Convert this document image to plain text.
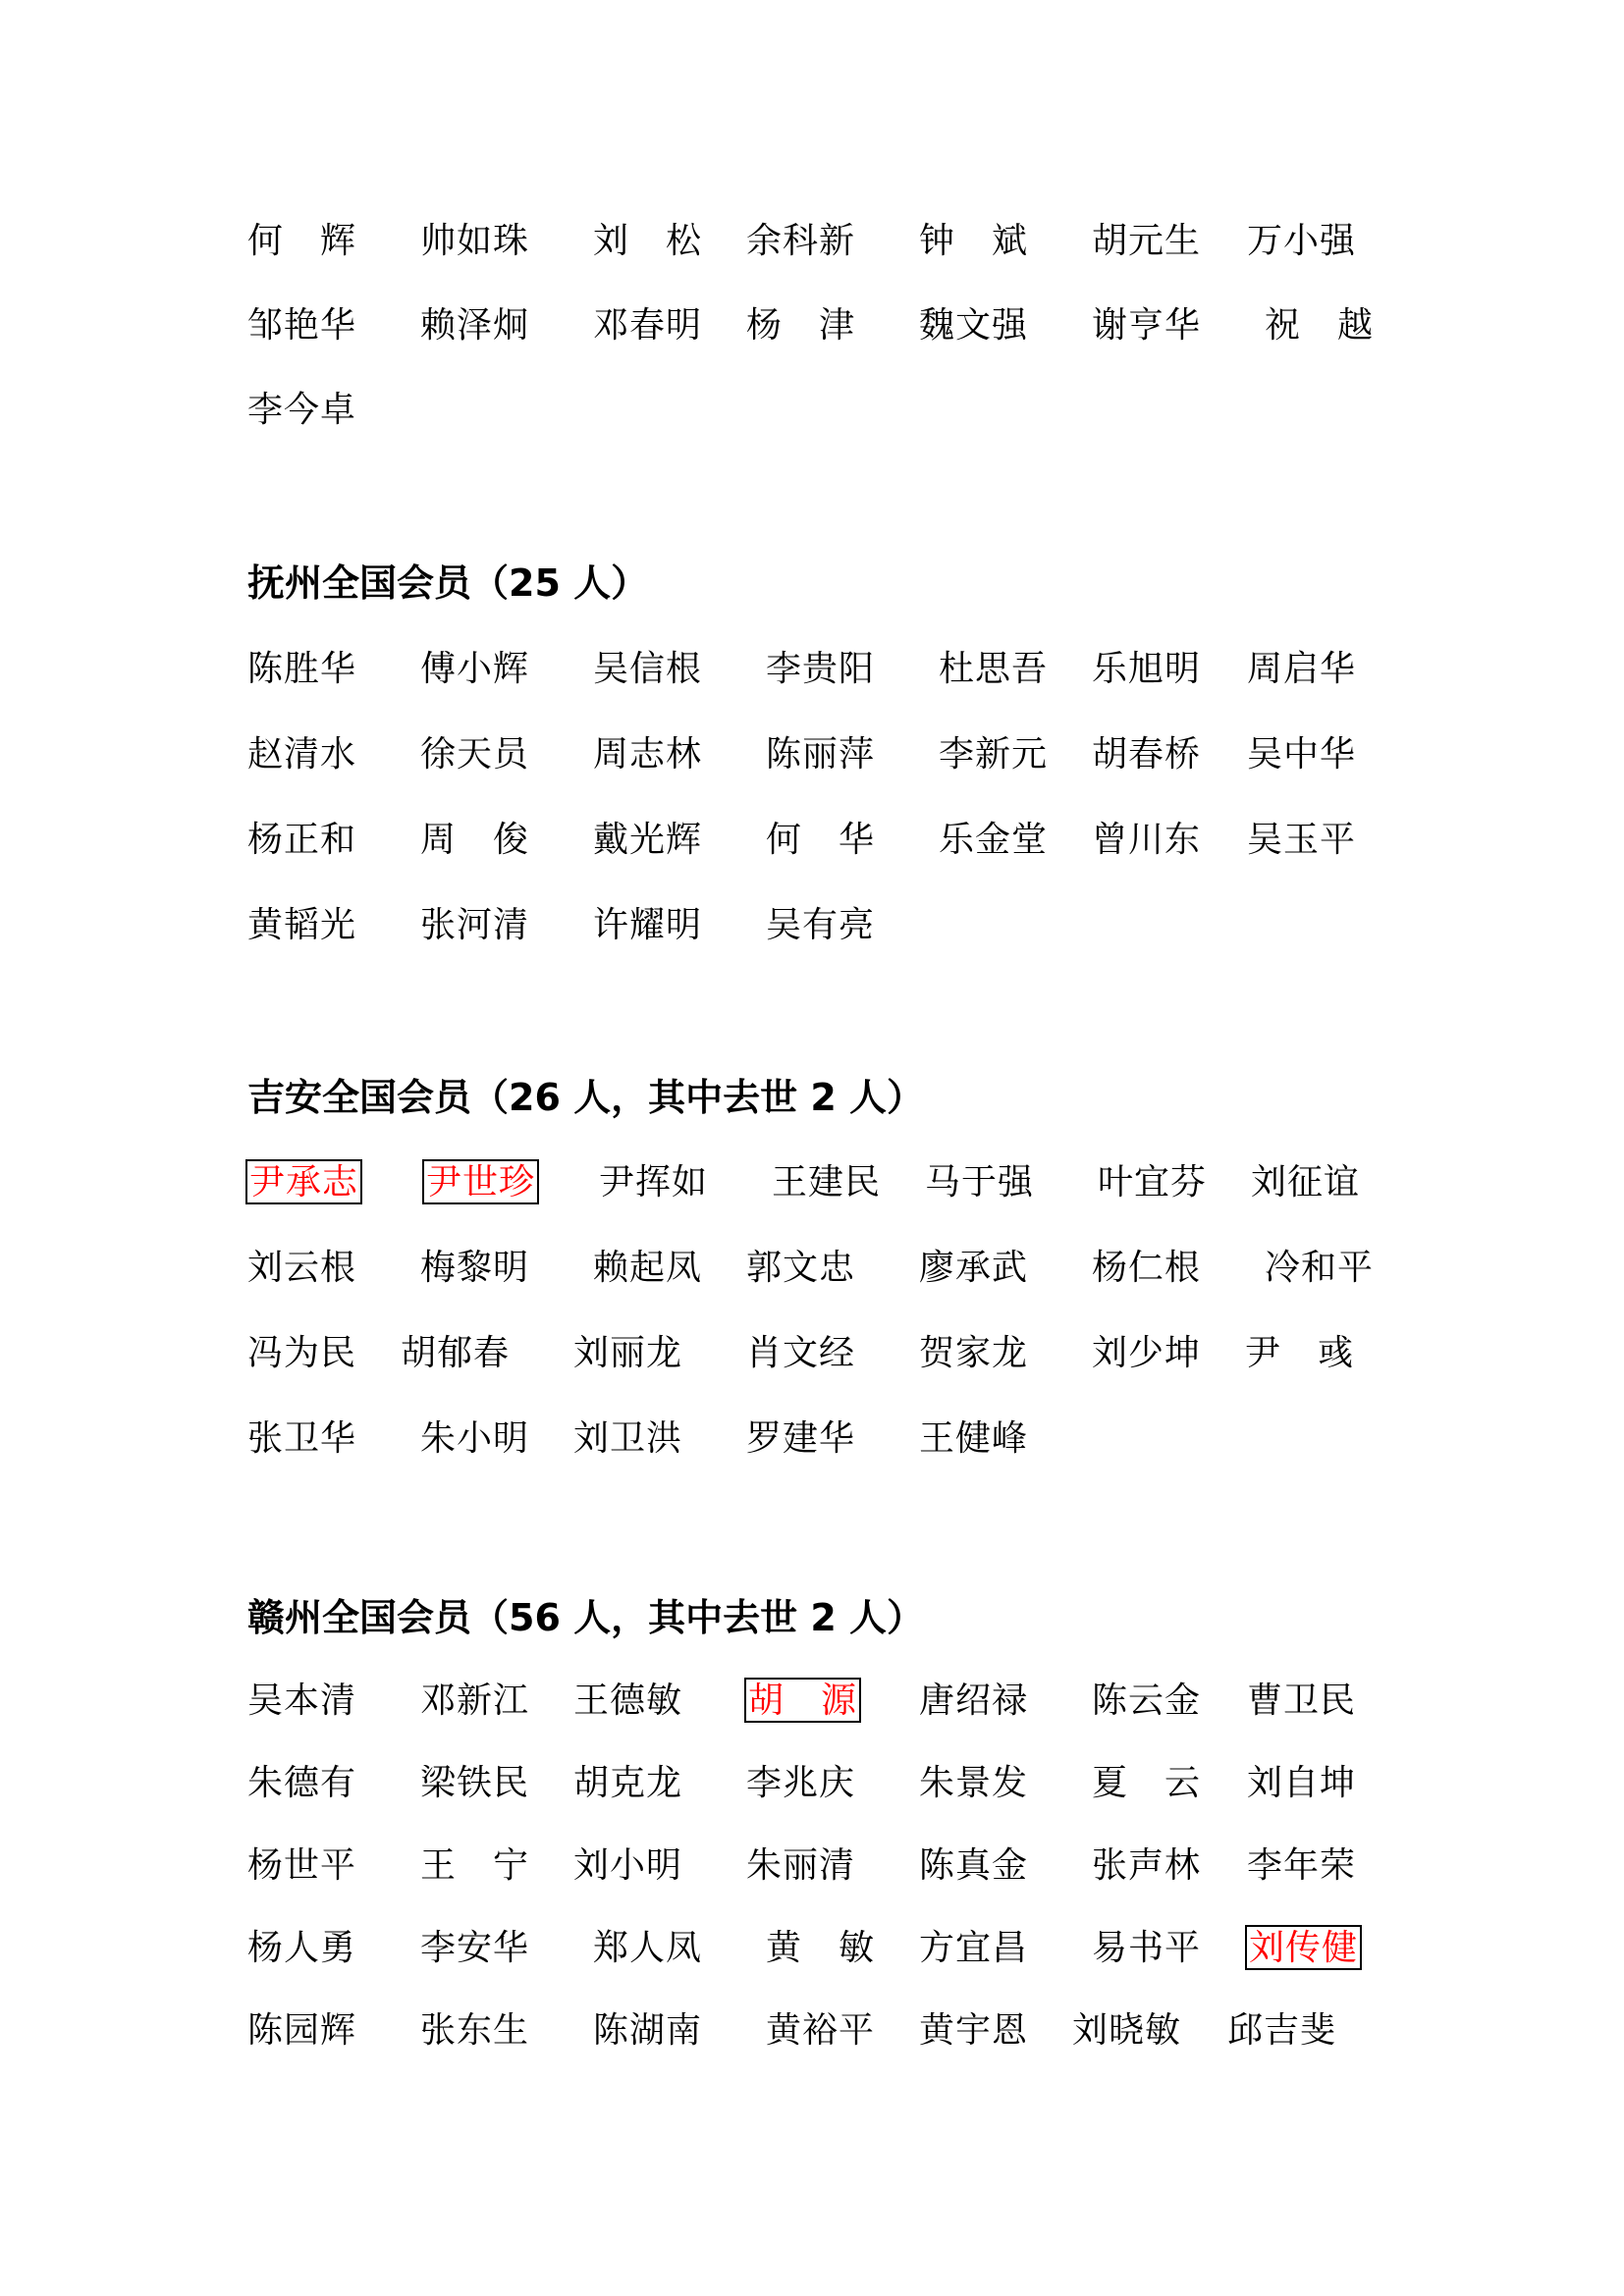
何　辉 帅如珠 刘　松 余科新 钟　斌 胡元生 万小强
邹艳华 赖泽炯 邓春明 杨　津 魏文强 谢亨华 祝　越
李今卓
抚州全国会员（25 人）
陈胜华 傅小辉 吴信根 李贵阳 杜思吾 乐旭明 周启华
赵清水 徐天员 周志林 陈丽萍 李新元 胡春桥 吴中华
杨正和 周　俊 戴光辉 何　华 乐金堂 曾川东 吴玉平
黄韬光 张河清 许耀明 吴有亮
吉安全国会员（26 人，其中去世 2 人）
尹承志 尹世珍 尹挥如 王建民 马于强 叶宜芬 刘征谊
刘云根 梅黎明 赖起凤 郭文忠 廖承武 杨仁根 冷和平
冯为民 胡郁春 刘丽龙 肖文经 贺家龙 刘少坤 尹　彧
张卫华 朱小明 刘卫洪 罗建华 王健峰
赣州全国会员（56 人，其中去世 2 人）
吴本清 邓新江 王德敏 胡　源 唐绍禄 陈云金 曹卫民
朱德有 梁铁民 胡克龙 李兆庆 朱景发 夏　云 刘自坤
杨世平 王　宁 刘小明 朱丽清 陈真金 张声林 李年荣
杨人勇 李安华 郑人凤 黄　敏 方宜昌 易书平 刘传健
陈园辉 张东生 陈湖南 黄裕平 黄宇恩 刘晓敏 邱吉斐
